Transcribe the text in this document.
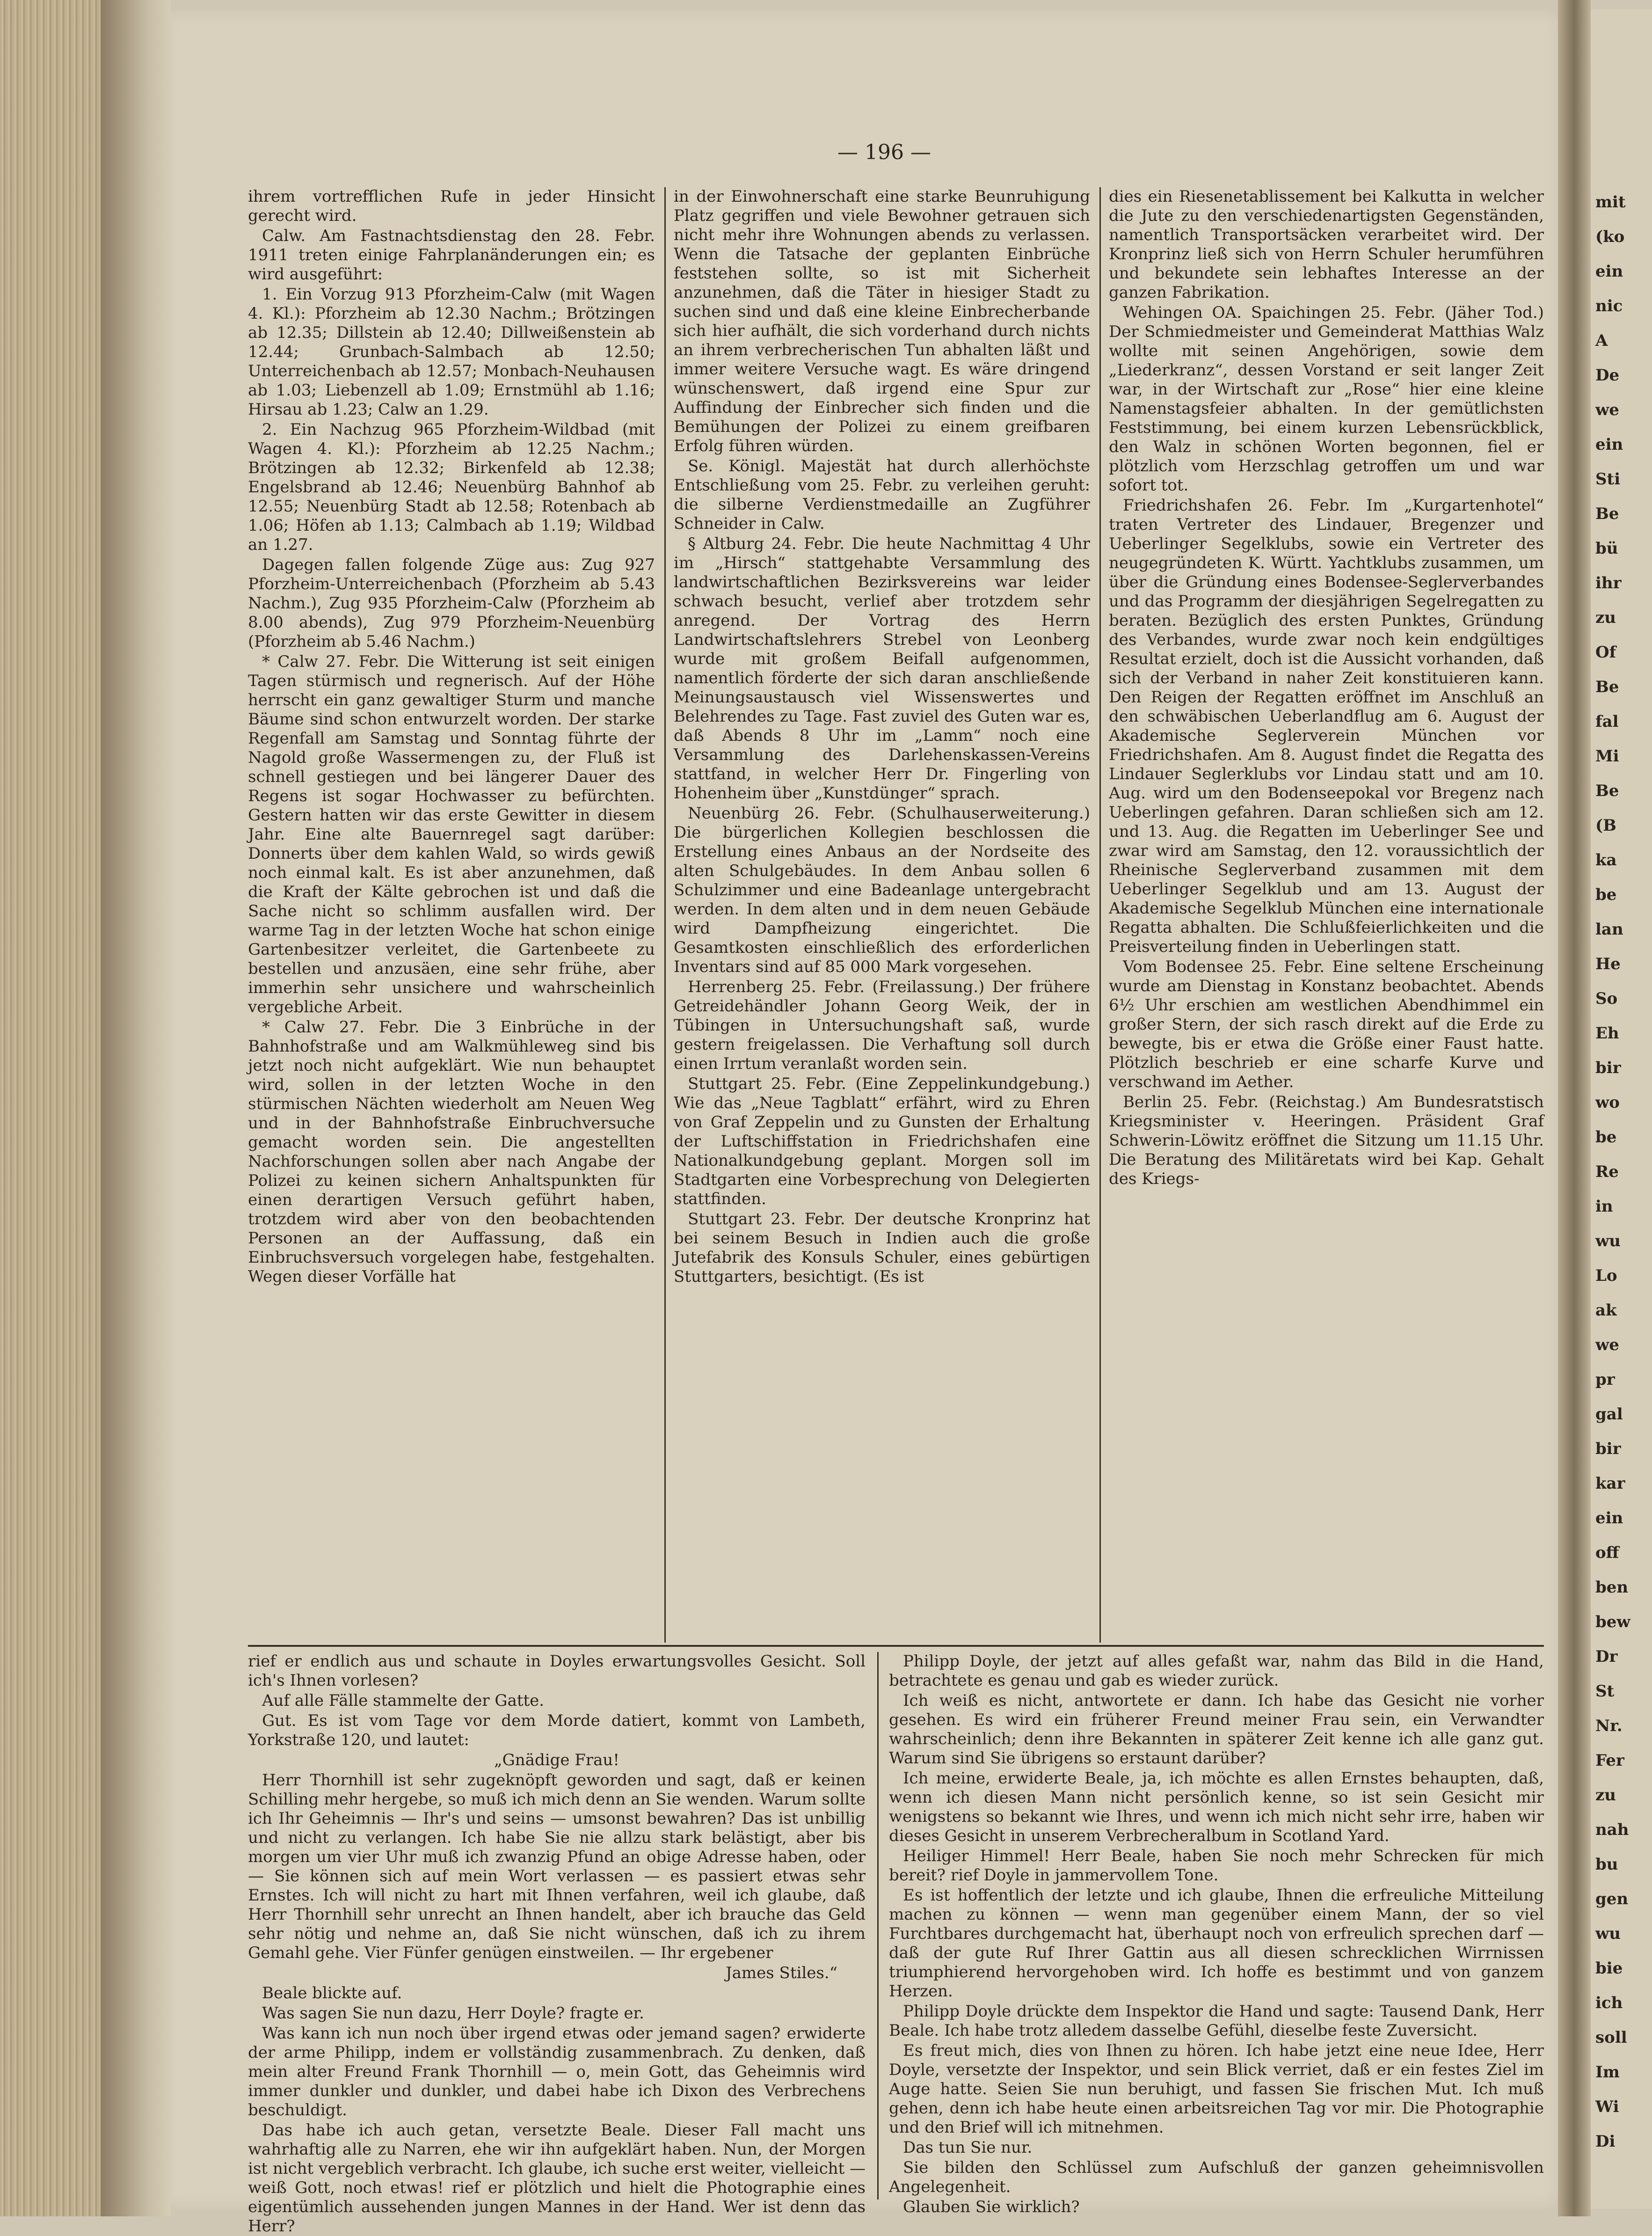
mit
(ko
ein
nic
A
De
we
ein
Sti
Be
bü
ihr
zu
Of
Be
fal
Mi
Be
(B
ka
be
lan
He
So
Eh
bir
wo
be
Re
in
wu
Lo
ak
we
pr
gal
bir
kar
ein
off
ben
bew
Dr
St
Nr.
Fer
zu
nah
bu
gen
wu
bie
ich
soll
Im
Wi
Di
— 196 —

ihrem vortrefflichen Rufe in jeder Hinsicht gerecht wird.

Calw. Am Fastnachtsdienstag den 28. Febr. 1911 treten einige Fahrplanänderungen ein; es wird ausgeführt:

1. Ein Vorzug 913 Pforzheim-Calw (mit Wagen 4. Kl.): Pforzheim ab 12.30 Nachm.; Brötzingen ab 12.35; Dillstein ab 12.40; Dillweißenstein ab 12.44; Grunbach-Salmbach ab 12.50; Unterreichenbach ab 12.57; Monbach-Neuhausen ab 1.03; Liebenzell ab 1.09; Ernstmühl ab 1.16; Hirsau ab 1.23; Calw an 1.29.

2. Ein Nachzug 965 Pforzheim-Wildbad (mit Wagen 4. Kl.): Pforzheim ab 12.25 Nachm.; Brötzingen ab 12.32; Birkenfeld ab 12.38; Engelsbrand ab 12.46; Neuenbürg Bahnhof ab 12.55; Neuenbürg Stadt ab 12.58; Rotenbach ab 1.06; Höfen ab 1.13; Calmbach ab 1.19; Wildbad an 1.27.

Dagegen fallen folgende Züge aus: Zug 927 Pforzheim-Unterreichenbach (Pforzheim ab 5.43 Nachm.), Zug 935 Pforzheim-Calw (Pforzheim ab 8.00 abends), Zug 979 Pforzheim-Neuenbürg (Pforzheim ab 5.46 Nachm.)

* Calw 27. Febr. Die Witterung ist seit einigen Tagen stürmisch und regnerisch. Auf der Höhe herrscht ein ganz gewaltiger Sturm und manche Bäume sind schon entwurzelt worden. Der starke Regenfall am Samstag und Sonntag führte der Nagold große Wassermengen zu, der Fluß ist schnell gestiegen und bei längerer Dauer des Regens ist sogar Hochwasser zu befürchten. Gestern hatten wir das erste Gewitter in diesem Jahr. Eine alte Bauernregel sagt darüber: Donnerts über dem kahlen Wald, so wirds gewiß noch einmal kalt. Es ist aber anzunehmen, daß die Kraft der Kälte gebrochen ist und daß die Sache nicht so schlimm ausfallen wird. Der warme Tag in der letzten Woche hat schon einige Gartenbesitzer verleitet, die Gartenbeete zu bestellen und anzusäen, eine sehr frühe, aber immerhin sehr unsichere und wahrscheinlich vergebliche Arbeit.

* Calw 27. Febr. Die 3 Einbrüche in der Bahnhofstraße und am Walkmühleweg sind bis jetzt noch nicht aufgeklärt. Wie nun behauptet wird, sollen in der letzten Woche in den stürmischen Nächten wiederholt am Neuen Weg und in der Bahnhofstraße Einbruchversuche gemacht worden sein. Die angestellten Nachforschungen sollen aber nach Angabe der Polizei zu keinen sichern Anhaltspunkten für einen derartigen Versuch geführt haben, trotzdem wird aber von den beobachtenden Personen an der Auffassung, daß ein Einbruchsversuch vorgelegen habe, festgehalten. Wegen dieser Vorfälle hat

in der Einwohnerschaft eine starke Beunruhigung Platz gegriffen und viele Bewohner getrauen sich nicht mehr ihre Wohnungen abends zu verlassen. Wenn die Tatsache der geplanten Einbrüche feststehen sollte, so ist mit Sicherheit anzunehmen, daß die Täter in hiesiger Stadt zu suchen sind und daß eine kleine Einbrecherbande sich hier aufhält, die sich vorderhand durch nichts an ihrem verbrecherischen Tun abhalten läßt und immer weitere Versuche wagt. Es wäre dringend wünschenswert, daß irgend eine Spur zur Auffindung der Einbrecher sich finden und die Bemühungen der Polizei zu einem greifbaren Erfolg führen würden.

Se. Königl. Majestät hat durch allerhöchste Entschließung vom 25. Febr. zu verleihen geruht: die silberne Verdienstmedaille an Zugführer Schneider in Calw.

§ Altburg 24. Febr. Die heute Nachmittag 4 Uhr im „Hirsch“ stattgehabte Versammlung des landwirtschaftlichen Bezirksvereins war leider schwach besucht, verlief aber trotzdem sehr anregend. Der Vortrag des Herrn Landwirtschaftslehrers Strebel von Leonberg wurde mit großem Beifall aufgenommen, namentlich förderte der sich daran anschließende Meinungsaustausch viel Wissenswertes und Belehrendes zu Tage. Fast zuviel des Guten war es, daß Abends 8 Uhr im „Lamm“ noch eine Versammlung des Darlehenskassen-Vereins stattfand, in welcher Herr Dr. Fingerling von Hohenheim über „Kunstdünger“ sprach.

Neuenbürg 26. Febr. (Schulhauserweiterung.) Die bürgerlichen Kollegien beschlossen die Erstellung eines Anbaus an der Nordseite des alten Schulgebäudes. In dem Anbau sollen 6 Schulzimmer und eine Badeanlage untergebracht werden. In dem alten und in dem neuen Gebäude wird Dampfheizung eingerichtet. Die Gesamtkosten einschließlich des erforderlichen Inventars sind auf 85 000 Mark vorgesehen.

Herrenberg 25. Febr. (Freilassung.) Der frühere Getreidehändler Johann Georg Weik, der in Tübingen in Untersuchungshaft saß, wurde gestern freigelassen. Die Verhaftung soll durch einen Irrtum veranlaßt worden sein.

Stuttgart 25. Febr. (Eine Zeppelinkundgebung.) Wie das „Neue Tagblatt“ erfährt, wird zu Ehren von Graf Zeppelin und zu Gunsten der Erhaltung der Luftschiffstation in Friedrichshafen eine Nationalkundgebung geplant. Morgen soll im Stadtgarten eine Vorbesprechung von Delegierten stattfinden.

Stuttgart 23. Febr. Der deutsche Kronprinz hat bei seinem Besuch in Indien auch die große Jutefabrik des Konsuls Schuler, eines gebürtigen Stuttgarters, besichtigt. (Es ist

dies ein Riesenetablissement bei Kalkutta in welcher die Jute zu den verschiedenartigsten Gegenständen, namentlich Transportsäcken verarbeitet wird. Der Kronprinz ließ sich von Herrn Schuler herumführen und bekundete sein lebhaftes Interesse an der ganzen Fabrikation.

Wehingen OA. Spaichingen 25. Febr. (Jäher Tod.) Der Schmiedmeister und Gemeinderat Matthias Walz wollte mit seinen Angehörigen, sowie dem „Liederkranz“, dessen Vorstand er seit langer Zeit war, in der Wirtschaft zur „Rose“ hier eine kleine Namenstagsfeier abhalten. In der gemütlichsten Feststimmung, bei einem kurzen Lebensrückblick, den Walz in schönen Worten begonnen, fiel er plötzlich vom Herzschlag getroffen um und war sofort tot.

Friedrichshafen 26. Febr. Im „Kurgartenhotel“ traten Vertreter des Lindauer, Bregenzer und Ueberlinger Segelklubs, sowie ein Vertreter des neugegründeten K. Württ. Yachtklubs zusammen, um über die Gründung eines Bodensee-Seglerverbandes und das Programm der diesjährigen Segelregatten zu beraten. Bezüglich des ersten Punktes, Gründung des Verbandes, wurde zwar noch kein endgültiges Resultat erzielt, doch ist die Aussicht vorhanden, daß sich der Verband in naher Zeit konstituieren kann. Den Reigen der Regatten eröffnet im Anschluß an den schwäbischen Ueberlandflug am 6. August der Akademische Seglerverein München vor Friedrichshafen. Am 8. August findet die Regatta des Lindauer Seglerklubs vor Lindau statt und am 10. Aug. wird um den Bodenseepokal vor Bregenz nach Ueberlingen gefahren. Daran schließen sich am 12. und 13. Aug. die Regatten im Ueberlinger See und zwar wird am Samstag, den 12. voraussichtlich der Rheinische Seglerverband zusammen mit dem Ueberlinger Segelklub und am 13. August der Akademische Segelklub München eine internationale Regatta abhalten. Die Schlußfeierlichkeiten und die Preisverteilung finden in Ueberlingen statt.

Vom Bodensee 25. Febr. Eine seltene Erscheinung wurde am Dienstag in Konstanz beobachtet. Abends 6½ Uhr erschien am westlichen Abendhimmel ein großer Stern, der sich rasch direkt auf die Erde zu bewegte, bis er etwa die Größe einer Faust hatte. Plötzlich beschrieb er eine scharfe Kurve und verschwand im Aether.

Berlin 25. Febr. (Reichstag.) Am Bundesratstisch Kriegsminister v. Heeringen. Präsident Graf Schwerin-Löwitz eröffnet die Sitzung um 11.15 Uhr. Die Beratung des Militäretats wird bei Kap. Gehalt des Kriegs-

rief er endlich aus und schaute in Doyles erwartungsvolles Gesicht. Soll ich's Ihnen vorlesen?

Auf alle Fälle stammelte der Gatte.

Gut. Es ist vom Tage vor dem Morde datiert, kommt von Lambeth, Yorkstraße 120, und lautet:

„Gnädige Frau!

Herr Thornhill ist sehr zugeknöpft geworden und sagt, daß er keinen Schilling mehr hergebe, so muß ich mich denn an Sie wenden. Warum sollte ich Ihr Geheimnis — Ihr's und seins — umsonst bewahren? Das ist unbillig und nicht zu verlangen. Ich habe Sie nie allzu stark belästigt, aber bis morgen um vier Uhr muß ich zwanzig Pfund an obige Adresse haben, oder — Sie können sich auf mein Wort verlassen — es passiert etwas sehr Ernstes. Ich will nicht zu hart mit Ihnen verfahren, weil ich glaube, daß Herr Thornhill sehr unrecht an Ihnen handelt, aber ich brauche das Geld sehr nötig und nehme an, daß Sie nicht wünschen, daß ich zu ihrem Gemahl gehe. Vier Fünfer genügen einstweilen. — Ihr ergebener

James Stiles.“

Beale blickte auf.

Was sagen Sie nun dazu, Herr Doyle? fragte er.

Was kann ich nun noch über irgend etwas oder jemand sagen? erwiderte der arme Philipp, indem er vollständig zusammenbrach. Zu denken, daß mein alter Freund Frank Thornhill — o, mein Gott, das Geheimnis wird immer dunkler und dunkler, und dabei habe ich Dixon des Verbrechens beschuldigt.

Das habe ich auch getan, versetzte Beale. Dieser Fall macht uns wahrhaftig alle zu Narren, ehe wir ihn aufgeklärt haben. Nun, der Morgen ist nicht vergeblich verbracht. Ich glaube, ich suche erst weiter, vielleicht — weiß Gott, noch etwas! rief er plötzlich und hielt die Photographie eines eigentümlich aussehenden jungen Mannes in der Hand. Wer ist denn das Herr?

Philipp Doyle, der jetzt auf alles gefaßt war, nahm das Bild in die Hand, betrachtete es genau und gab es wieder zurück.

Ich weiß es nicht, antwortete er dann. Ich habe das Gesicht nie vorher gesehen. Es wird ein früherer Freund meiner Frau sein, ein Verwandter wahrscheinlich; denn ihre Bekannten in späterer Zeit kenne ich alle ganz gut. Warum sind Sie übrigens so erstaunt darüber?

Ich meine, erwiderte Beale, ja, ich möchte es allen Ernstes behaupten, daß, wenn ich diesen Mann nicht persönlich kenne, so ist sein Gesicht mir wenigstens so bekannt wie Ihres, und wenn ich mich nicht sehr irre, haben wir dieses Gesicht in unserem Verbrecheralbum in Scotland Yard.

Heiliger Himmel! Herr Beale, haben Sie noch mehr Schrecken für mich bereit? rief Doyle in jammervollem Tone.

Es ist hoffentlich der letzte und ich glaube, Ihnen die erfreuliche Mitteilung machen zu können — wenn man gegenüber einem Mann, der so viel Furchtbares durchgemacht hat, überhaupt noch von erfreulich sprechen darf — daß der gute Ruf Ihrer Gattin aus all diesen schrecklichen Wirrnissen triumphierend hervorgehoben wird. Ich hoffe es bestimmt und von ganzem Herzen.

Philipp Doyle drückte dem Inspektor die Hand und sagte: Tausend Dank, Herr Beale. Ich habe trotz alledem dasselbe Gefühl, dieselbe feste Zuversicht.

Es freut mich, dies von Ihnen zu hören. Ich habe jetzt eine neue Idee, Herr Doyle, versetzte der Inspektor, und sein Blick verriet, daß er ein festes Ziel im Auge hatte. Seien Sie nun beruhigt, und fassen Sie frischen Mut. Ich muß gehen, denn ich habe heute einen arbeitsreichen Tag vor mir. Die Photographie und den Brief will ich mitnehmen.

Das tun Sie nur.

Sie bilden den Schlüssel zum Aufschluß der ganzen geheimnisvollen Angelegenheit.

Glauben Sie wirklich?
